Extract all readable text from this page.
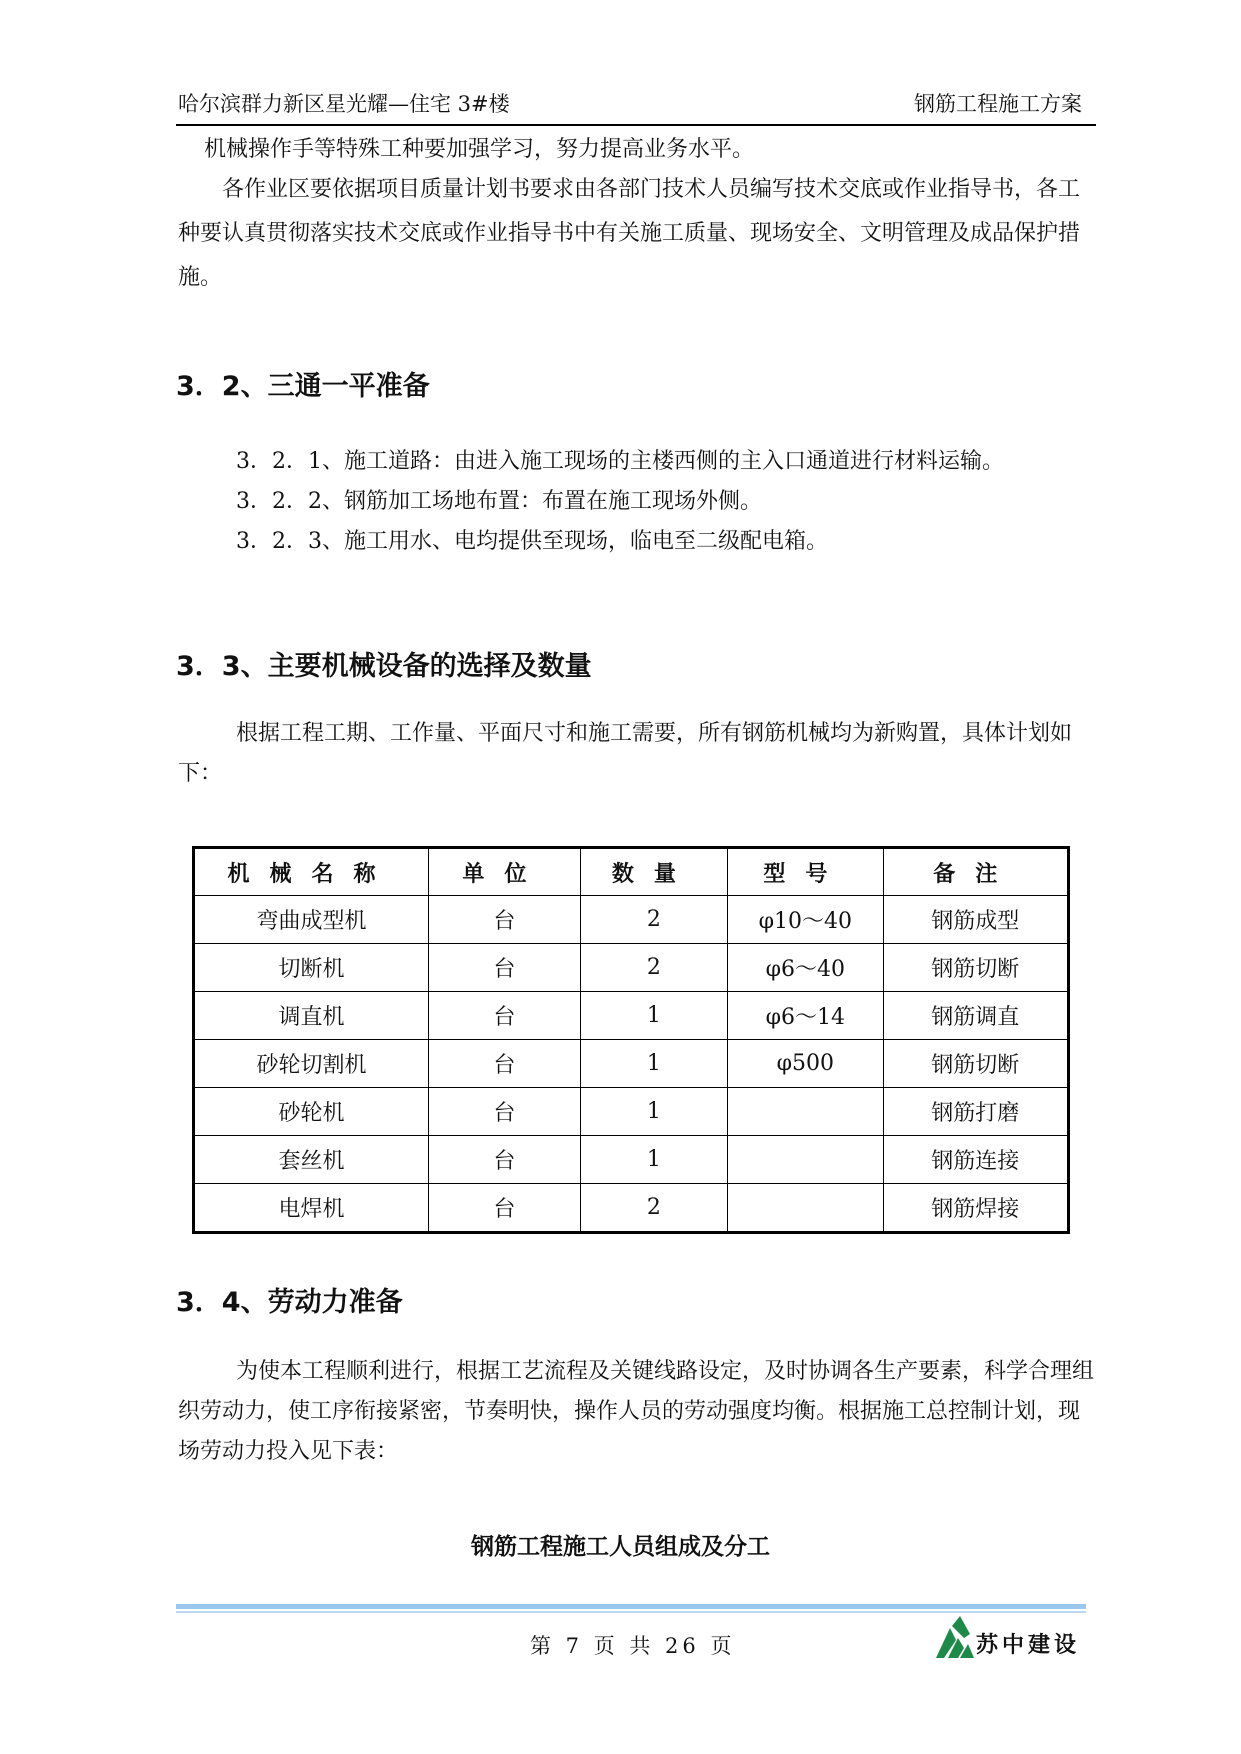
哈尔滨群力新区星光耀—住宅 3#楼	钢筋工程施工方案

机械操作手等特殊工种要加强学习，努力提高业务水平。

各作业区要依据项目质量计划书要求由各部门技术人员编写技术交底或作业指导书，各工种要认真贯彻落实技术交底或作业指导书中有关施工质量、现场安全、文明管理及成品保护措施。

3．2、三通一平准备

3．2．1、施工道路：由进入施工现场的主楼西侧的主入口通道进行材料运输。

3．2．2、钢筋加工场地布置：布置在施工现场外侧。

3．2．3、施工用水、电均提供至现场，临电至二级配电箱。

3．3、主要机械设备的选择及数量

根据工程工期、工作量、平面尺寸和施工需要，所有钢筋机械均为新购置，具体计划如下：

机械名称	单位	数量	型号	备注
弯曲成型机	台	2	φ10～40	钢筋成型
切断机	台	2	φ6～40	钢筋切断
调直机	台	1	φ6～14	钢筋调直
砂轮切割机	台	1	φ500	钢筋切断
砂轮机	台	1		钢筋打磨
套丝机	台	1		钢筋连接
电焊机	台	2		钢筋焊接
3．4、劳动力准备

为使本工程顺利进行，根据工艺流程及关键线路设定，及时协调各生产要素，科学合理组织劳动力，使工序衔接紧密，节奏明快，操作人员的劳动强度均衡。根据施工总控制计划，现场劳动力投入见下表：

钢筋工程施工人员组成及分工
第 7 页 共 26 页	苏中建设
